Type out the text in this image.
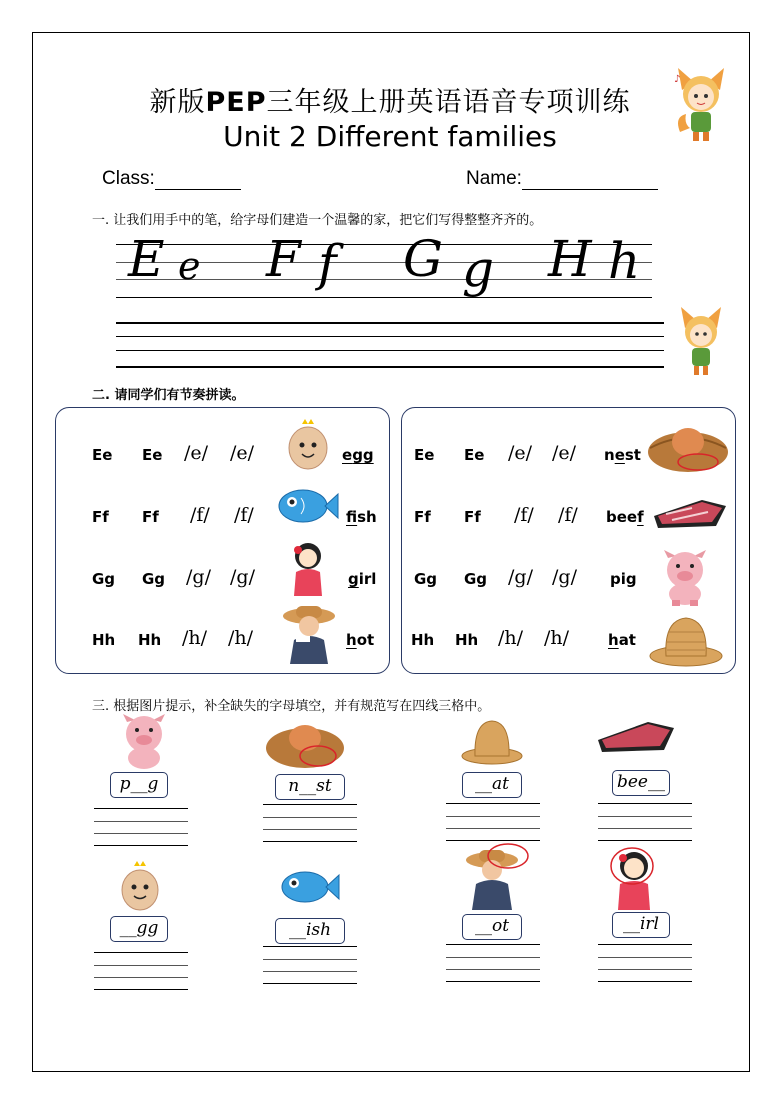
新版PEP三年级上册英语语音专项训练
Unit 2 Different families
♪
Class:	Name:
一. 让我们用手中的笔，给字母们建造一个温馨的家，把它们写得整整齐齐的。
E e F f G g H h
二. 请同学们有节奏拼读。
Ee Ee /e/ /e/	egg
Ff Ff /f/ /f/	fish
Gg Gg /g/ /g/	girl
Hh Hh /h/ /h/	hot
Ee Ee /e/ /e/ nest
Ff Ff /f/ /f/ beef
Gg Gg /g/ /g/ pig
Hh Hh /h/ /h/	hat
三. 根据图片提示，补全缺失的字母填空，并有规范写在四线三格中。
p__g	n__st	__at	bee__
__gg	__ish	__ot	__irl
